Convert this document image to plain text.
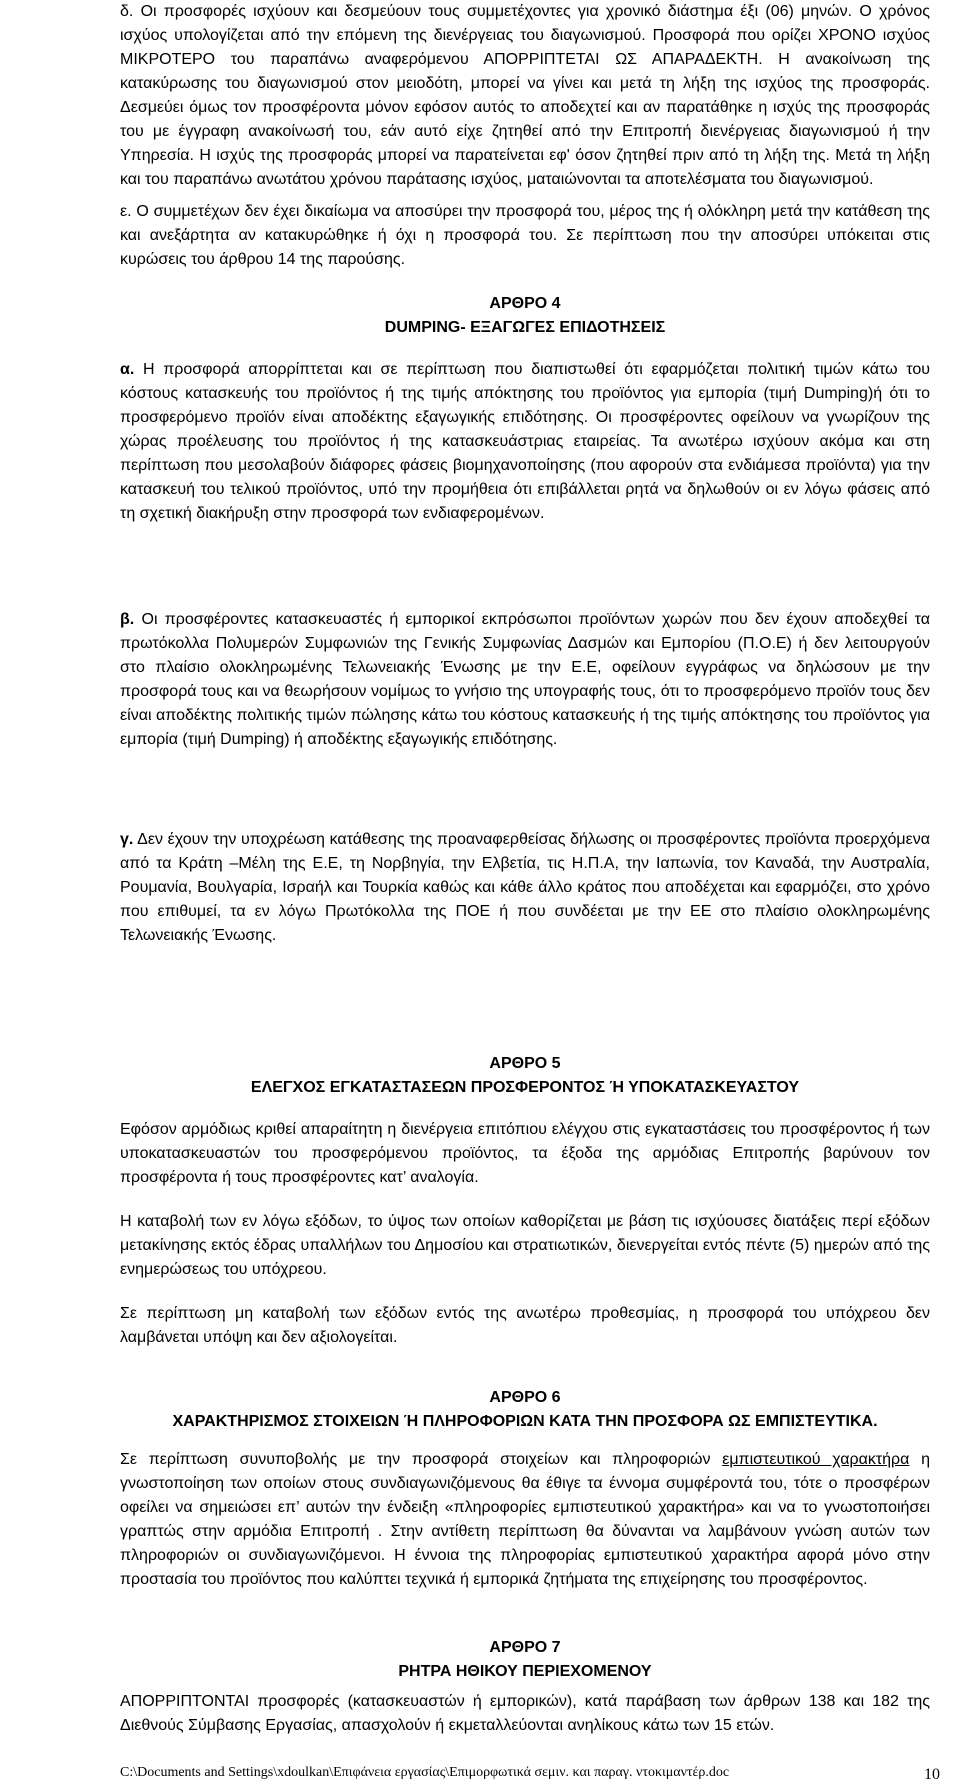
δ. Οι προσφορές ισχύουν και δεσμεύουν τους συμμετέχοντες για χρονικό διάστημα έξι (06) μηνών. Ο χρόνος ισχύος υπολογίζεται από την επόμενη της διενέργειας του διαγωνισμού. Προσφορά που ορίζει ΧΡΟΝΟ ισχύος ΜΙΚΡΟΤΕΡΟ του παραπάνω αναφερόμενου ΑΠΟΡΡΙΠΤΕΤΑΙ ΩΣ ΑΠΑΡΑΔΕΚΤΗ. Η ανακοίνωση της κατακύρωσης του διαγωνισμού στον μειοδότη, μπορεί να γίνει και μετά τη λήξη της ισχύος της προσφοράς. Δεσμεύει όμως τον προσφέροντα μόνον εφόσον αυτός το αποδεχτεί και αν παρατάθηκε η ισχύς της προσφοράς του με έγγραφη ανακοίνωσή του, εάν αυτό είχε ζητηθεί από την Επιτροπή διενέργειας διαγωνισμού ή την Υπηρεσία. Η ισχύς της προσφοράς μπορεί να παρατείνεται εφ' όσον ζητηθεί πριν από τη λήξη της. Μετά τη λήξη και του παραπάνω ανωτάτου χρόνου παράτασης ισχύος, ματαιώνονται τα αποτελέσματα του διαγωνισμού.

ε. Ο συμμετέχων δεν έχει δικαίωμα να αποσύρει την προσφορά του, μέρος της ή ολόκληρη μετά την κατάθεση της και ανεξάρτητα αν κατακυρώθηκε ή όχι η προσφορά του. Σε περίπτωση που την αποσύρει υπόκειται στις κυρώσεις του άρθρου 14 της παρούσης.

ΑΡΘΡΟ 4

DUMPING- ΕΞΑΓΩΓΕΣ ΕΠΙΔΟΤΗΣΕΙΣ

α. Η προσφορά απορρίπτεται και σε περίπτωση που διαπιστωθεί ότι εφαρμόζεται πολιτική τιμών κάτω του κόστους κατασκευής του προϊόντος ή της τιμής απόκτησης του προϊόντος για εμπορία (τιμή Dumping)ή ότι το προσφερόμενο προϊόν είναι αποδέκτης εξαγωγικής επιδότησης. Οι προσφέροντες οφείλουν να γνωρίζουν της χώρας προέλευσης του προϊόντος ή της κατασκευάστριας εταιρείας. Τα ανωτέρω ισχύουν ακόμα και στη περίπτωση που μεσολαβούν διάφορες φάσεις βιομηχανοποίησης (που αφορούν στα ενδιάμεσα προϊόντα) για την κατασκευή του τελικού προϊόντος, υπό την προμήθεια ότι επιβάλλεται ρητά να δηλωθούν οι εν λόγω φάσεις από τη σχετική διακήρυξη στην προσφορά των ενδιαφερομένων.

β. Οι προσφέροντες κατασκευαστές ή εμπορικοί εκπρόσωποι προϊόντων χωρών που δεν έχουν αποδεχθεί τα πρωτόκολλα Πολυμερών Συμφωνιών της Γενικής Συμφωνίας Δασμών και Εμπορίου (Π.Ο.Ε) ή δεν λειτουργούν στο πλαίσιο ολοκληρωμένης Τελωνειακής Ένωσης με την Ε.Ε, οφείλουν εγγράφως να δηλώσουν με την προσφορά τους και να θεωρήσουν νομίμως το γνήσιο της υπογραφής τους, ότι το προσφερόμενο προϊόν τους δεν είναι αποδέκτης πολιτικής τιμών πώλησης κάτω του κόστους κατασκευής ή της τιμής απόκτησης του προϊόντος για εμπορία (τιμή Dumping) ή αποδέκτης εξαγωγικής επιδότησης.

γ. Δεν έχουν την υποχρέωση κατάθεσης της προαναφερθείσας δήλωσης οι προσφέροντες προϊόντα προερχόμενα από τα Κράτη –Μέλη της Ε.Ε, τη Νορβηγία, την Ελβετία, τις Η.Π.Α, την Ιαπωνία, τον Καναδά, την Αυστραλία, Ρουμανία, Βουλγαρία, Ισραήλ και Τουρκία καθώς και κάθε άλλο κράτος που αποδέχεται και εφαρμόζει, στο χρόνο που επιθυμεί, τα εν λόγω Πρωτόκολλα της ΠΟΕ ή που συνδέεται με την ΕΕ στο πλαίσιο ολοκληρωμένης Τελωνειακής Ένωσης.

ΑΡΘΡΟ 5

ΕΛΕΓΧΟΣ ΕΓΚΑΤΑΣΤΑΣΕΩΝ ΠΡΟΣΦΕΡΟΝΤΟΣ Ή ΥΠΟΚΑΤΑΣΚΕΥΑΣΤΟΥ

Εφόσον αρμόδιως κριθεί απαραίτητη η διενέργεια επιτόπιου ελέγχου στις εγκαταστάσεις του προσφέροντος ή των υποκατασκευαστών του προσφερόμενου προϊόντος, τα έξοδα της αρμόδιας Επιτροπής βαρύνουν τον προσφέροντα ή τους προσφέροντες κατ’ αναλογία.

Η καταβολή των εν λόγω εξόδων, το ύψος των οποίων καθορίζεται με βάση τις ισχύουσες διατάξεις περί εξόδων μετακίνησης εκτός έδρας υπαλλήλων του Δημοσίου και στρατιωτικών, διενεργείται εντός πέντε (5) ημερών από της ενημερώσεως του υπόχρεου.

Σε περίπτωση μη καταβολή των εξόδων εντός της ανωτέρω προθεσμίας, η προσφορά του υπόχρεου δεν λαμβάνεται υπόψη και δεν αξιολογείται.

ΑΡΘΡΟ 6

ΧΑΡΑΚΤΗΡΙΣΜΟΣ ΣΤΟΙΧΕΙΩΝ Ή ΠΛΗΡΟΦΟΡΙΩΝ ΚΑΤΑ ΤΗΝ ΠΡΟΣΦΟΡΑ ΩΣ ΕΜΠΙΣΤΕΥΤΙΚΑ.

Σε περίπτωση συνυποβολής με την προσφορά στοιχείων και πληροφοριών εμπιστευτικού χαρακτήρα η γνωστοποίηση των οποίων στους συνδιαγωνιζόμενους θα έθιγε τα έννομα συμφέροντά του, τότε ο προσφέρων οφείλει να σημειώσει επ’ αυτών την ένδειξη «πληροφορίες εμπιστευτικού χαρακτήρα» και να το γνωστοποιήσει γραπτώς στην αρμόδια Επιτροπή . Στην αντίθετη περίπτωση θα δύνανται να λαμβάνουν γνώση αυτών των πληροφοριών οι συνδιαγωνιζόμενοι. Η έννοια της πληροφορίας εμπιστευτικού χαρακτήρα αφορά μόνο στην προστασία του προϊόντος που καλύπτει τεχνικά ή εμπορικά ζητήματα της επιχείρησης του προσφέροντος.

ΑΡΘΡΟ 7

ΡΗΤΡΑ ΗΘΙΚΟΥ ΠΕΡΙΕΧΟΜΕΝΟΥ

ΑΠΟΡΡΙΠΤΟΝΤΑΙ προσφορές (κατασκευαστών ή εμπορικών), κατά παράβαση των άρθρων 138 και 182 της Διεθνούς Σύμβασης Εργασίας, απασχολούν ή εκμεταλλεύονται ανηλίκους κάτω των 15 ετών.

C:\Documents and Settings\xdoulkan\Επιφάνεια εργασίας\Επιμορφωτικά σεμιν. και παραγ. ντοκιμαντέρ.doc	10
